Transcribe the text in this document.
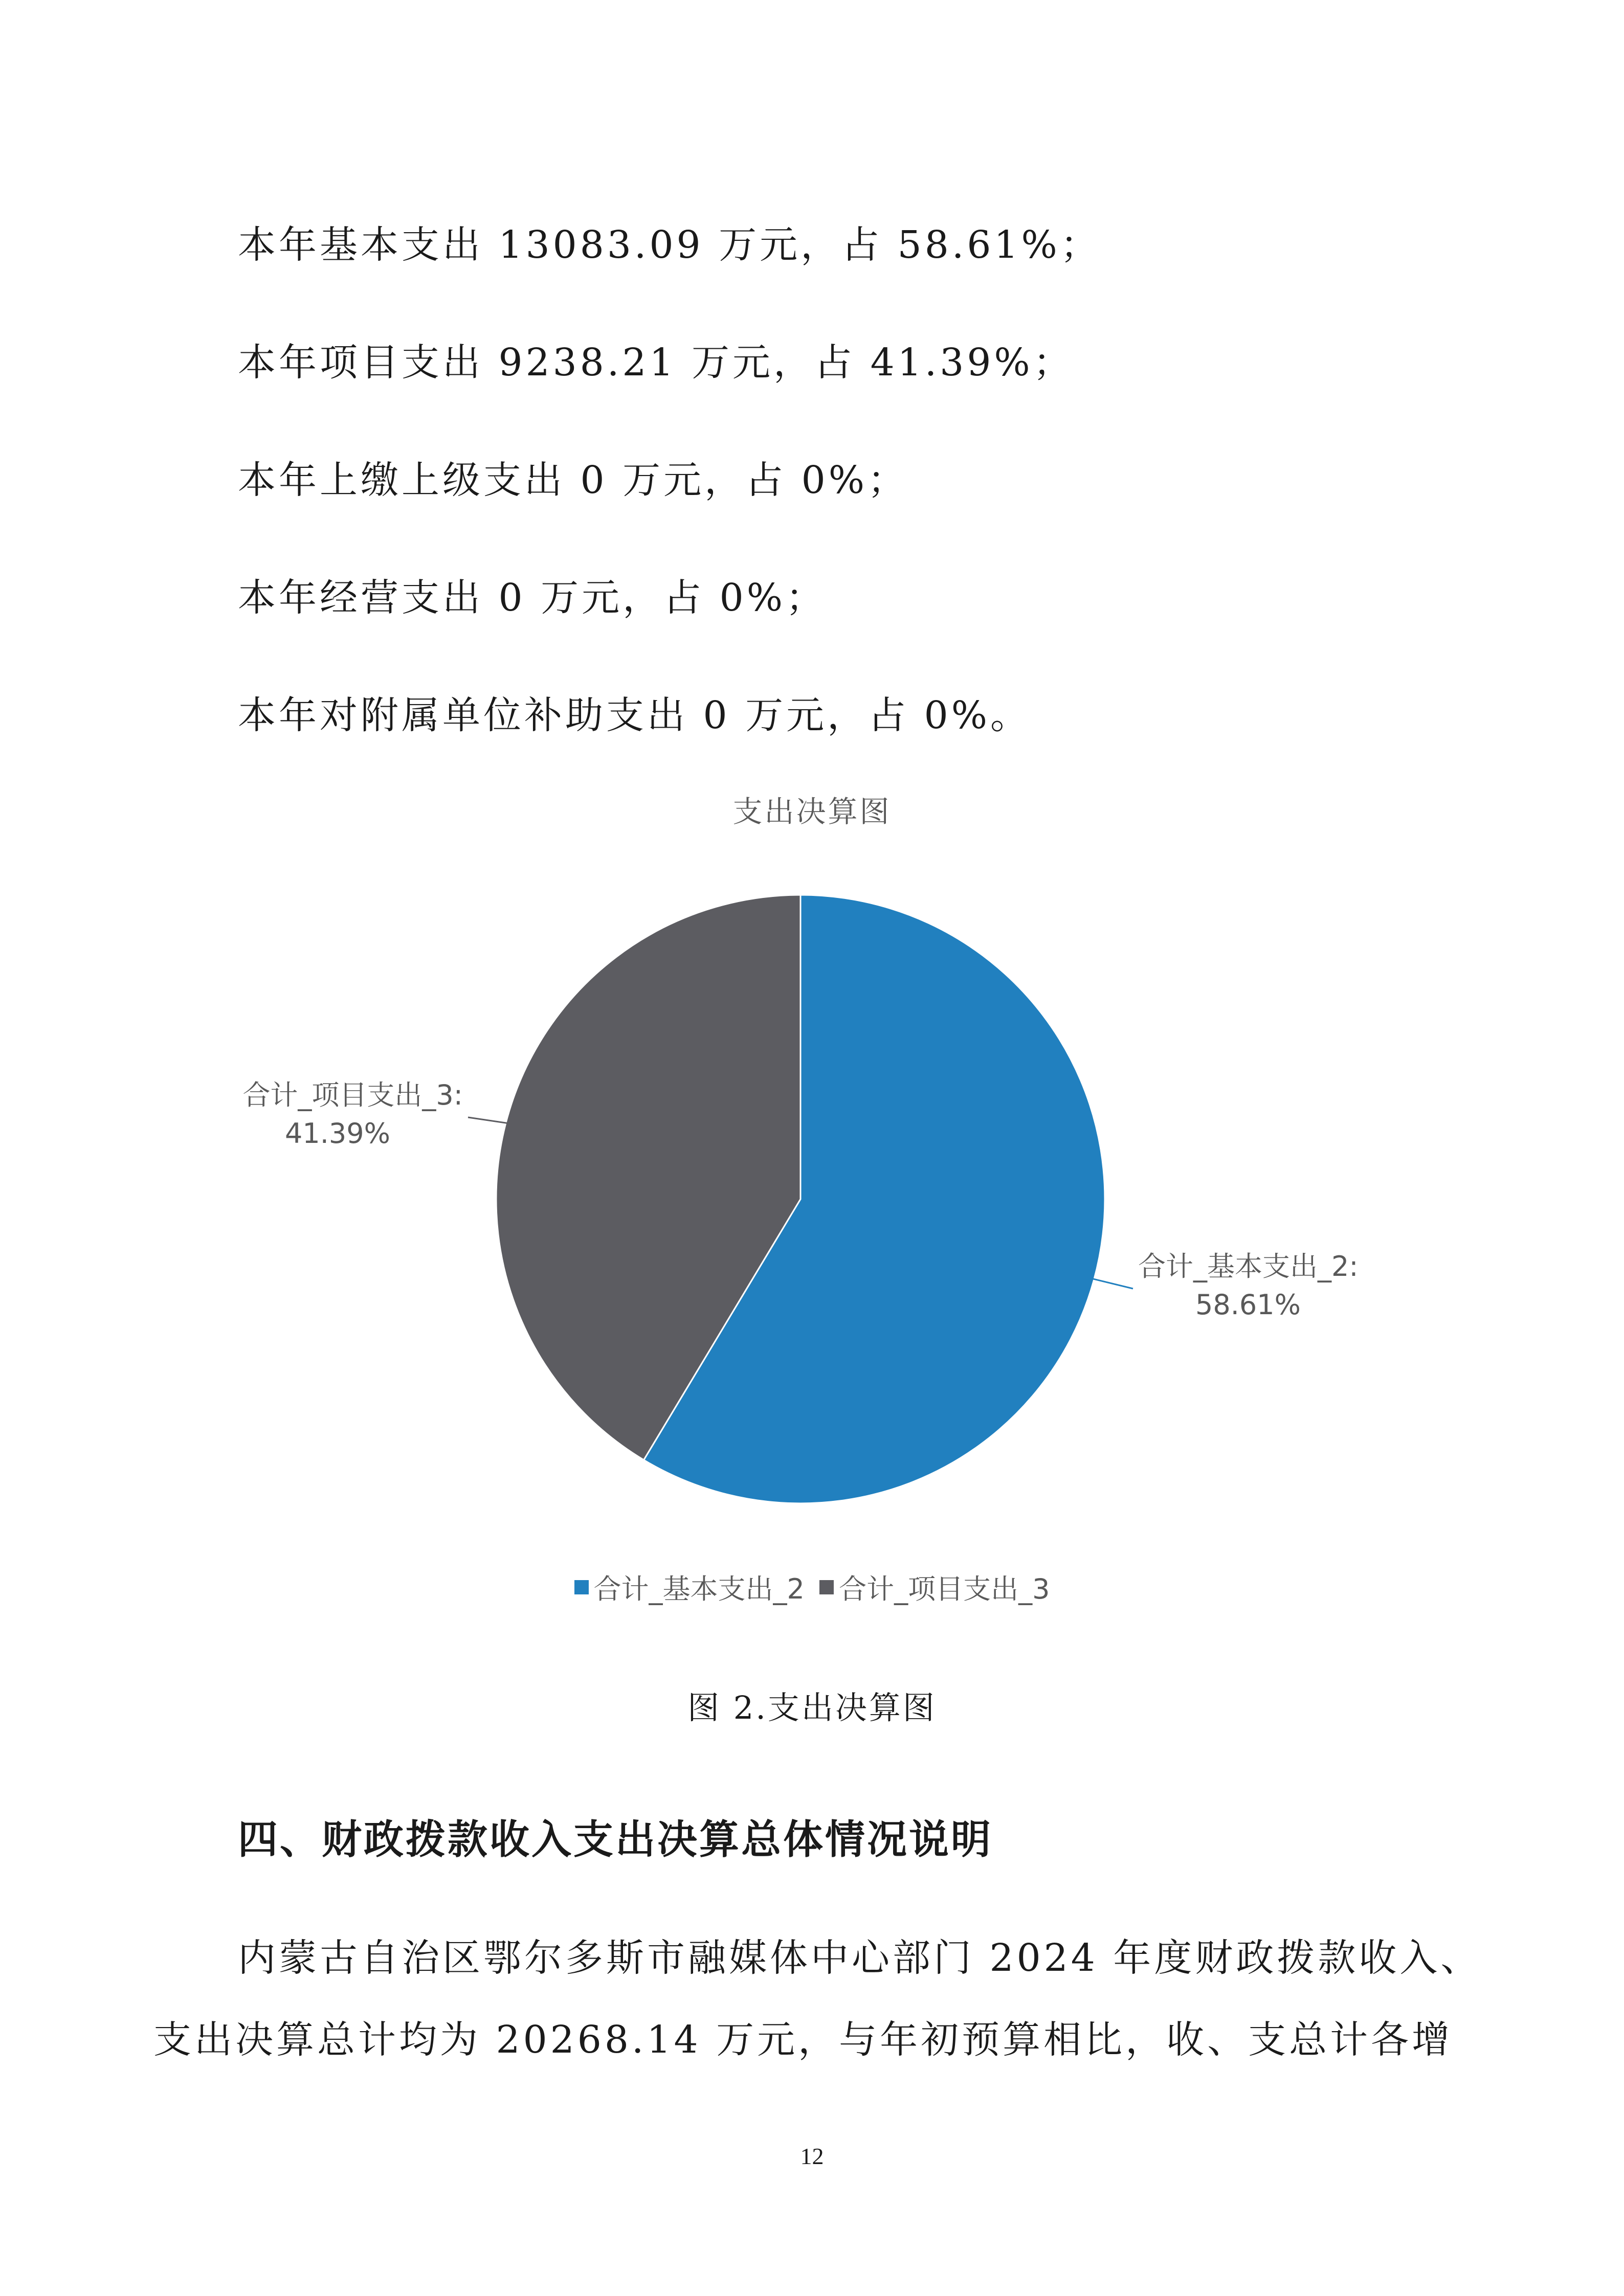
本年基本支出 13083.09 万元，占 58.61%；
本年项目支出 9238.21 万元，占 41.39%；
本年上缴上级支出 0 万元，占 0%；
本年经营支出 0 万元，占 0%；
本年对附属单位补助支出 0 万元，占 0%。
支出决算图
合计_基本支出_2:
58.61%
合计_项目支出_3:
41.39%
合计_基本支出_2
合计_项目支出_3
图 2.支出决算图
四、财政拨款收入支出决算总体情况说明
内蒙古自治区鄂尔多斯市融媒体中心部门 2024 年度财政拨款收入、
支出决算总计均为 20268.14 万元，与年初预算相比，收、支总计各增
12
